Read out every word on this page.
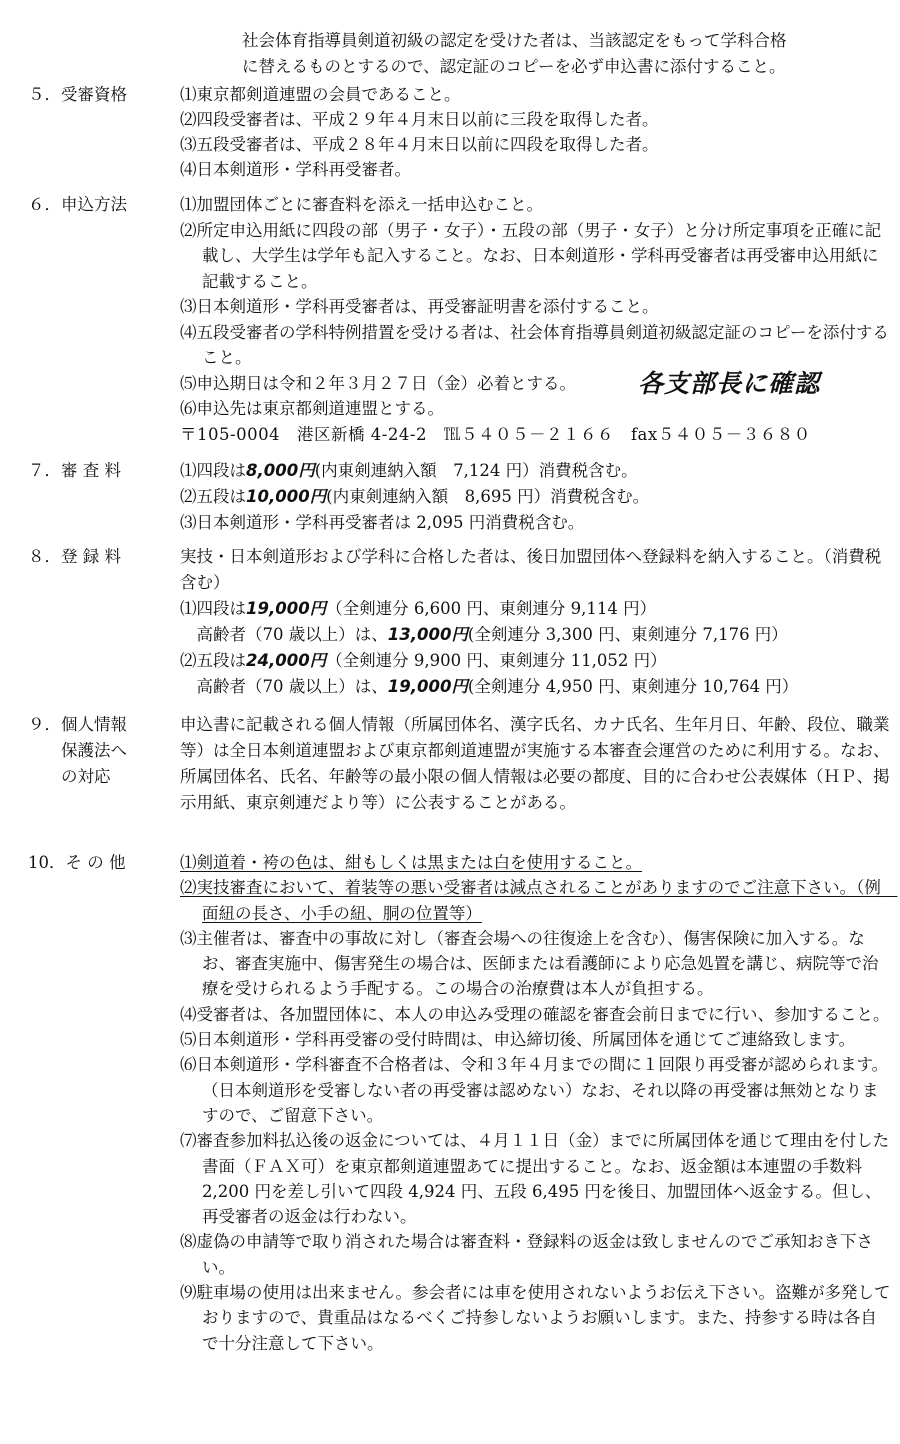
社会体育指導員剣道初級の認定を受けた者は、当該認定をもって学科合格
に替えるものとするので、認定証のコピーを必ず申込書に添付すること。
５．受審資格	⑴東京都剣道連盟の会員であること。
⑵四段受審者は、平成２９年４月末日以前に三段を取得した者。
⑶五段受審者は、平成２８年４月末日以前に四段を取得した者。
⑷日本剣道形・学科再受審者。
６．申込方法	⑴加盟団体ごとに審査料を添え一括申込むこと。
⑵所定申込用紙に四段の部（男子・女子）・五段の部（男子・女子）と分け所定事項を正確に記載し、大学生は学年も記入すること。なお、日本剣道形・学科再受審者は再受審申込用紙に記載すること。
⑶日本剣道形・学科再受審者は、再受審証明書を添付すること。
⑷五段受審者の学科特例措置を受ける者は、社会体育指導員剣道初級認定証のコピーを添付すること。
⑸申込期日は令和２年３月２７日（金）必着とする。 各支部長に確認
⑹申込先は東京都剣道連盟とする。
〒105-0004　港区新橋 4-24-2　℡５４０５－２１６６　fax５４０５－３６８０
７．審 査 料	⑴四段は8,000円(内東剣連納入額　7,124 円）消費税含む。
⑵五段は10,000円(内東剣連納入額　8,695 円）消費税含む。
⑶日本剣道形・学科再受審者は 2,095 円消費税含む。
８．登 録 料	実技・日本剣道形および学科に合格した者は、後日加盟団体へ登録料を納入すること。（消費税含む）
⑴四段は19,000円（全剣連分 6,600 円、東剣連分 9,114 円）
　高齢者（70 歳以上）は、13,000円(全剣連分 3,300 円、東剣連分 7,176 円）
⑵五段は24,000円（全剣連分 9,900 円、東剣連分 11,052 円）
　高齢者（70 歳以上）は、19,000円(全剣連分 4,950 円、東剣連分 10,764 円）
９．個人情報
　　保護法へ
　　の対応
申込書に記載される個人情報（所属団体名、漢字氏名、カナ氏名、生年月日、年齢、段位、職業等）は全日本剣道連盟および東京都剣道連盟が実施する本審査会運営のために利用する。なお、所属団体名、氏名、年齢等の最小限の個人情報は必要の都度、目的に合わせ公表媒体（ＨＰ、掲示用紙、東京剣連だより等）に公表することがある。
10．そ の 他	⑴剣道着・袴の色は、紺もしくは黒または白を使用すること。
⑵実技審査において、着装等の悪い受審者は減点されることがありますのでご注意下さい。（例　面紐の長さ、小手の紐、胴の位置等）
⑶主催者は、審査中の事故に対し（審査会場への往復途上を含む）、傷害保険に加入する。なお、審査実施中、傷害発生の場合は、医師または看護師により応急処置を講じ、病院等で治療を受けられるよう手配する。この場合の治療費は本人が負担する。
⑷受審者は、各加盟団体に、本人の申込み受理の確認を審査会前日までに行い、参加すること。
⑸日本剣道形・学科再受審の受付時間は、申込締切後、所属団体を通じてご連絡致します。
⑹日本剣道形・学科審査不合格者は、令和３年４月までの間に１回限り再受審が認められます。（日本剣道形を受審しない者の再受審は認めない）なお、それ以降の再受審は無効となりますので、ご留意下さい。
⑺審査参加料払込後の返金については、４月１１日（金）までに所属団体を通じて理由を付した書面（ＦＡＸ可）を東京都剣道連盟あてに提出すること。なお、返金額は本連盟の手数料 2,200 円を差し引いて四段 4,924 円、五段 6,495 円を後日、加盟団体へ返金する。但し、再受審者の返金は行わない。
⑻虚偽の申請等で取り消された場合は審査料・登録料の返金は致しませんのでご承知おき下さい。
⑼駐車場の使用は出来ません。参会者には車を使用されないようお伝え下さい。盗難が多発しておりますので、貴重品はなるべくご持参しないようお願いします。また、持参する時は各自で十分注意して下さい。
